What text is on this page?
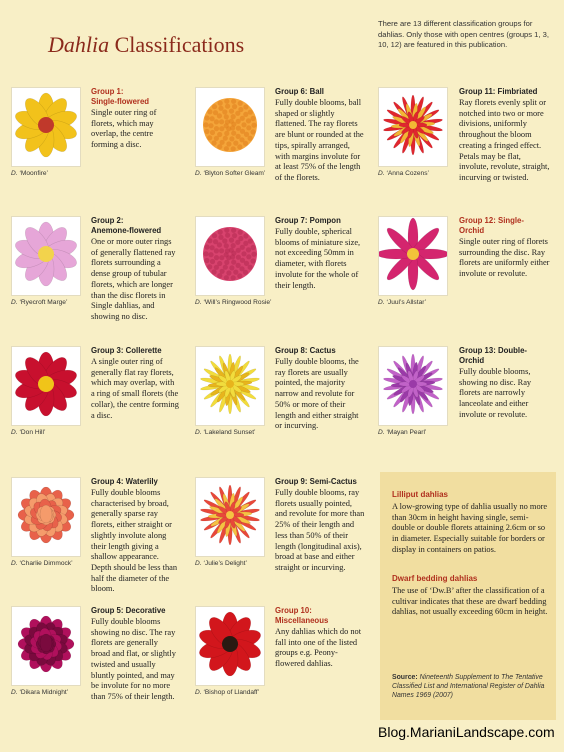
Dahlia Classifications
There are 13 different classification groups for dahlias. Only those with open centres (groups 1, 3, 10, 12) are featured in this publication.
D. ‘Moonfire’
Group 1:
Single-flowered
Single outer ring of florets, which may overlap, the centre forming a disc.
D. ‘Ryecroft Marge’
Group 2:
Anemone-flowered
One or more outer rings of generally flattened ray florets surrounding a dense group of tubular florets, which are longer than the disc florets in Single dahlias, and showing no disc.
D. ‘Don Hill’
Group 3: Collerette
A single outer ring of generally flat ray florets, which may overlap, with a ring of small florets (the collar), the centre forming a disc.
D. ‘Charlie Dimmock’
Group 4: Waterlily
Fully double blooms characterised by broad, generally sparse ray florets, either straight or slightly involute along their length giving a shallow appearance. Depth should be less than half the diameter of the bloom.
D. ‘Dikara Midnight’
Group 5: Decorative
Fully double blooms showing no disc. The ray florets are generally broad and flat, or slightly twisted and usually bluntly pointed, and may be involute for no more than 75% of their length.
D. ‘Blyton Softer Gleam’
Group 6: Ball
Fully double blooms, ball shaped or slightly flattened. The ray florets are blunt or rounded at the tips, spirally arranged, with margins involute for at least 75% of the length of the florets.
D. ‘Will’s Ringwood Rosie’
Group 7: Pompon
Fully double, spherical blooms of miniature size, not exceeding 50mm in diameter, with florets involute for the whole of their length.
D. ‘Lakeland Sunset’
Group 8: Cactus
Fully double blooms, the ray florets are usually pointed, the majority narrow and revolute for 50% or more of their length and either straight or incurving.
D. ‘Julie’s Delight’
Group 9: Semi-Cactus
Fully double blooms, ray florets usually pointed, and revolute for more than 25% of their length and less than 50% of their length (longitudinal axis), broad at base and either straight or incurving.
D. ‘Bishop of Llandaff’
Group 10:
Miscellaneous
Any dahlias which do not fall into one of the listed groups e.g. Peony-flowered dahlias.
D. ‘Anna Cozens’
Group 11: Fimbriated
Ray florets evenly split or notched into two or more divisions, uniformly throughout the bloom creating a fringed effect. Petals may be flat, involute, revolute, straight, incurving or twisted.
D. ‘Juul’s Allstar’
Group 12: Single-
Orchid
Single outer ring of florets surrounding the disc. Ray florets are uniformly either involute or revolute.
D. ‘Mayan Pearl’
Group 13: Double-
Orchid
Fully double blooms, showing no disc. Ray florets are narrowly lanceolate and either involute or revolute.
Lilliput dahlias
A low-growing type of dahlia usually no more than 30cm in height having single, semi-double or double florets attaining 2.6cm or so in diameter. Especially suitable for borders or display in containers on patios.
Dwarf bedding dahlias
The use of ‘Dw.B’ after the classification of a cultivar indicates that these are dwarf bedding dahlias, not usually exceeding 60cm in height.
Source: Nineteenth Supplement to The Tentative Classified List and International Register of Dahlia Names 1969 (2007)
Blog.MarianiLandscape.com
